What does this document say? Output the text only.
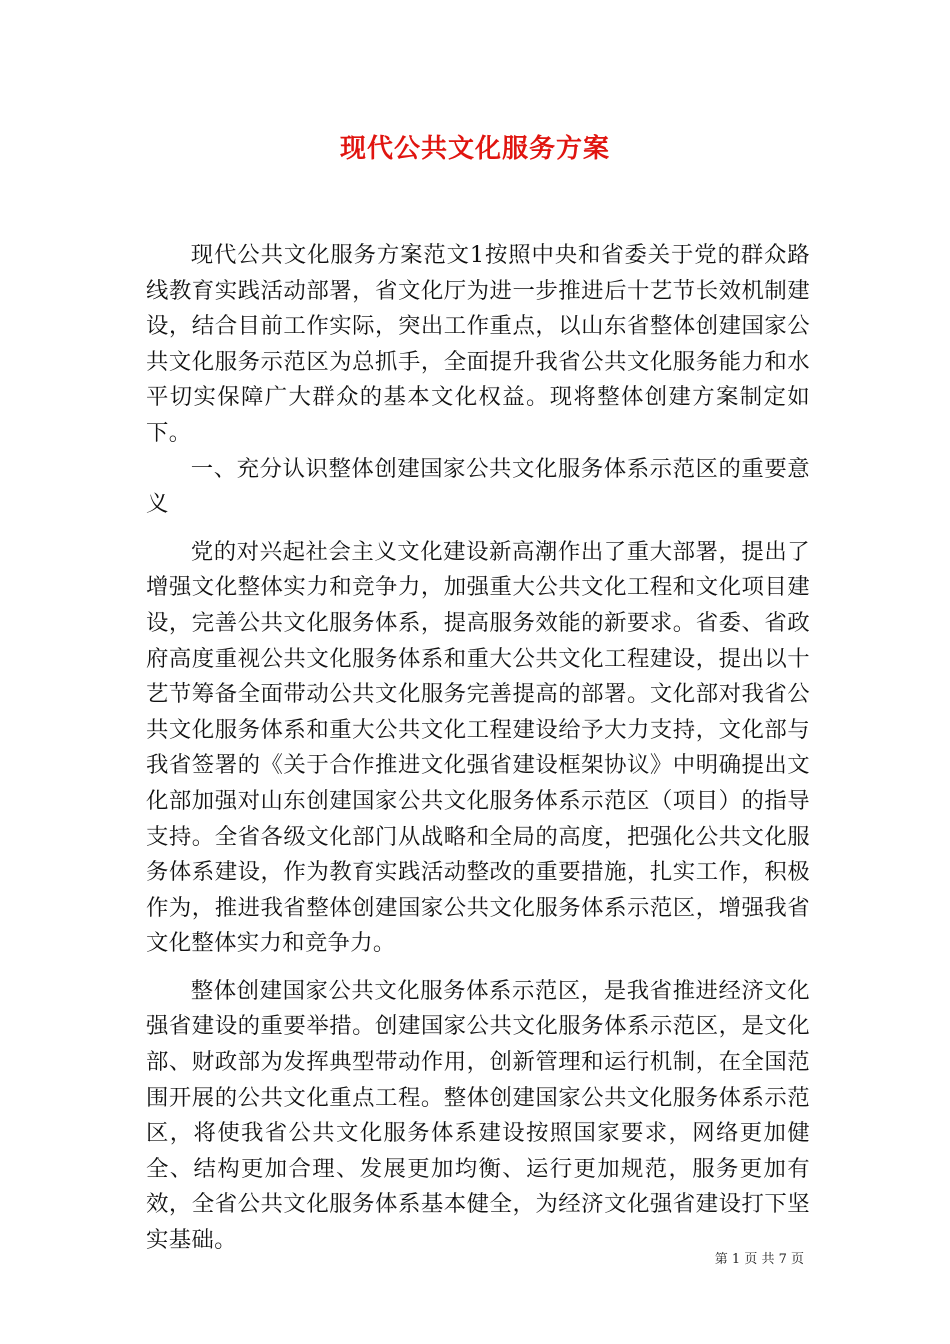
现代公共文化服务方案

现代公共文化服务方案范文1按照中央和省委关于党的群众路线教育实践活动部署，省文化厅为进一步推进后十艺节长效机制建设，结合目前工作实际，突出工作重点，以山东省整体创建国家公共文化服务示范区为总抓手，全面提升我省公共文化服务能力和水平切实保障广大群众的基本文化权益。现将整体创建方案制定如下。

一、充分认识整体创建国家公共文化服务体系示范区的重要意义

党的对兴起社会主义文化建设新高潮作出了重大部署，提出了增强文化整体实力和竞争力，加强重大公共文化工程和文化项目建设，完善公共文化服务体系，提高服务效能的新要求。省委、省政府高度重视公共文化服务体系和重大公共文化工程建设，提出以十艺节筹备全面带动公共文化服务完善提高的部署。文化部对我省公共文化服务体系和重大公共文化工程建设给予大力支持，文化部与我省签署的《关于合作推进文化强省建设框架协议》中明确提出文化部加强对山东创建国家公共文化服务体系示范区（项目）的指导支持。全省各级文化部门从战略和全局的高度，把强化公共文化服务体系建设，作为教育实践活动整改的重要措施，扎实工作，积极作为，推进我省整体创建国家公共文化服务体系示范区，增强我省文化整体实力和竞争力。

整体创建国家公共文化服务体系示范区，是我省推进经济文化强省建设的重要举措。创建国家公共文化服务体系示范区，是文化部、财政部为发挥典型带动作用，创新管理和运行机制，在全国范围开展的公共文化重点工程。整体创建国家公共文化服务体系示范区，将使我省公共文化服务体系建设按照国家要求，网络更加健全、结构更加合理、发展更加均衡、运行更加规范，服务更加有效，全省公共文化服务体系基本健全，为经济文化强省建设打下坚实基础。

第 1 页 共 7 页
